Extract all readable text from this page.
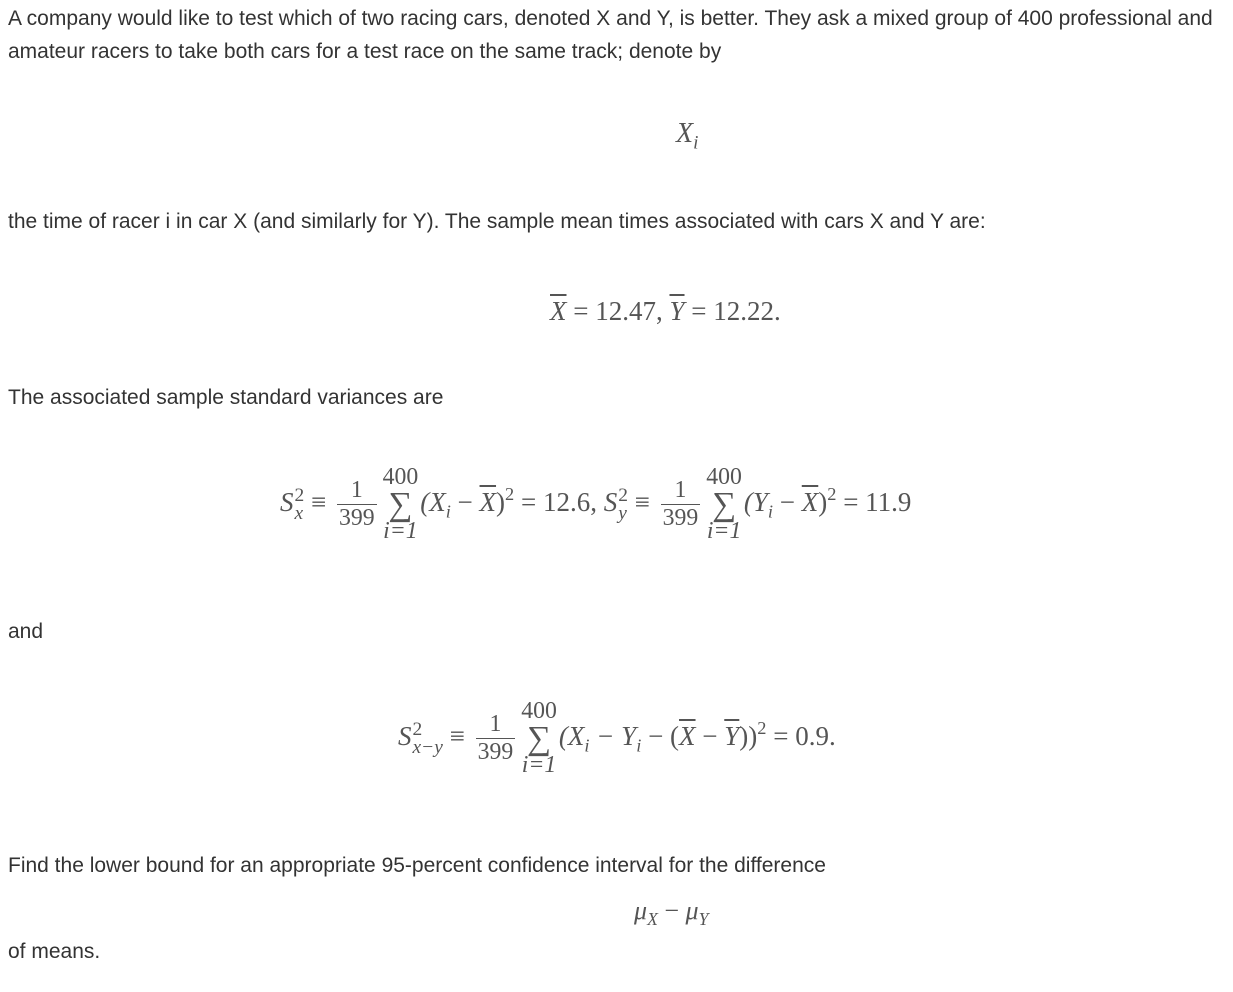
A company would like to test which of two racing cars, denoted X and Y, is better. They ask a mixed group of 400 professional and amateur racers to take both cars for a test race on the same track; denote by
$X_i$
the time of racer i in car X (and similarly for Y). The sample mean times associated with cars X and Y are:
$\overline{X} = 12.47$, $\overline{Y} = 12.22$.
The associated sample standard variances are
S 2
$x \equiv \frac{1}{399}$
400
∑
i=1
$(X_i - \overline{X})^2 = 12.6$, S 2
$y \equiv \frac{1}{399}$
400
∑
i=1
$(Y_i - \overline{X})^2 = 11.9$
and
S 2
$x-y \equiv \frac{1}{399}$
400
∑
i=1
$(X_i - Y_i - (\overline{X} - \overline{Y}))^2 = 0.9$.
Find the lower bound for an appropriate 95-percent confidence interval for the difference
$\mu_X - \mu_Y$
of means.
